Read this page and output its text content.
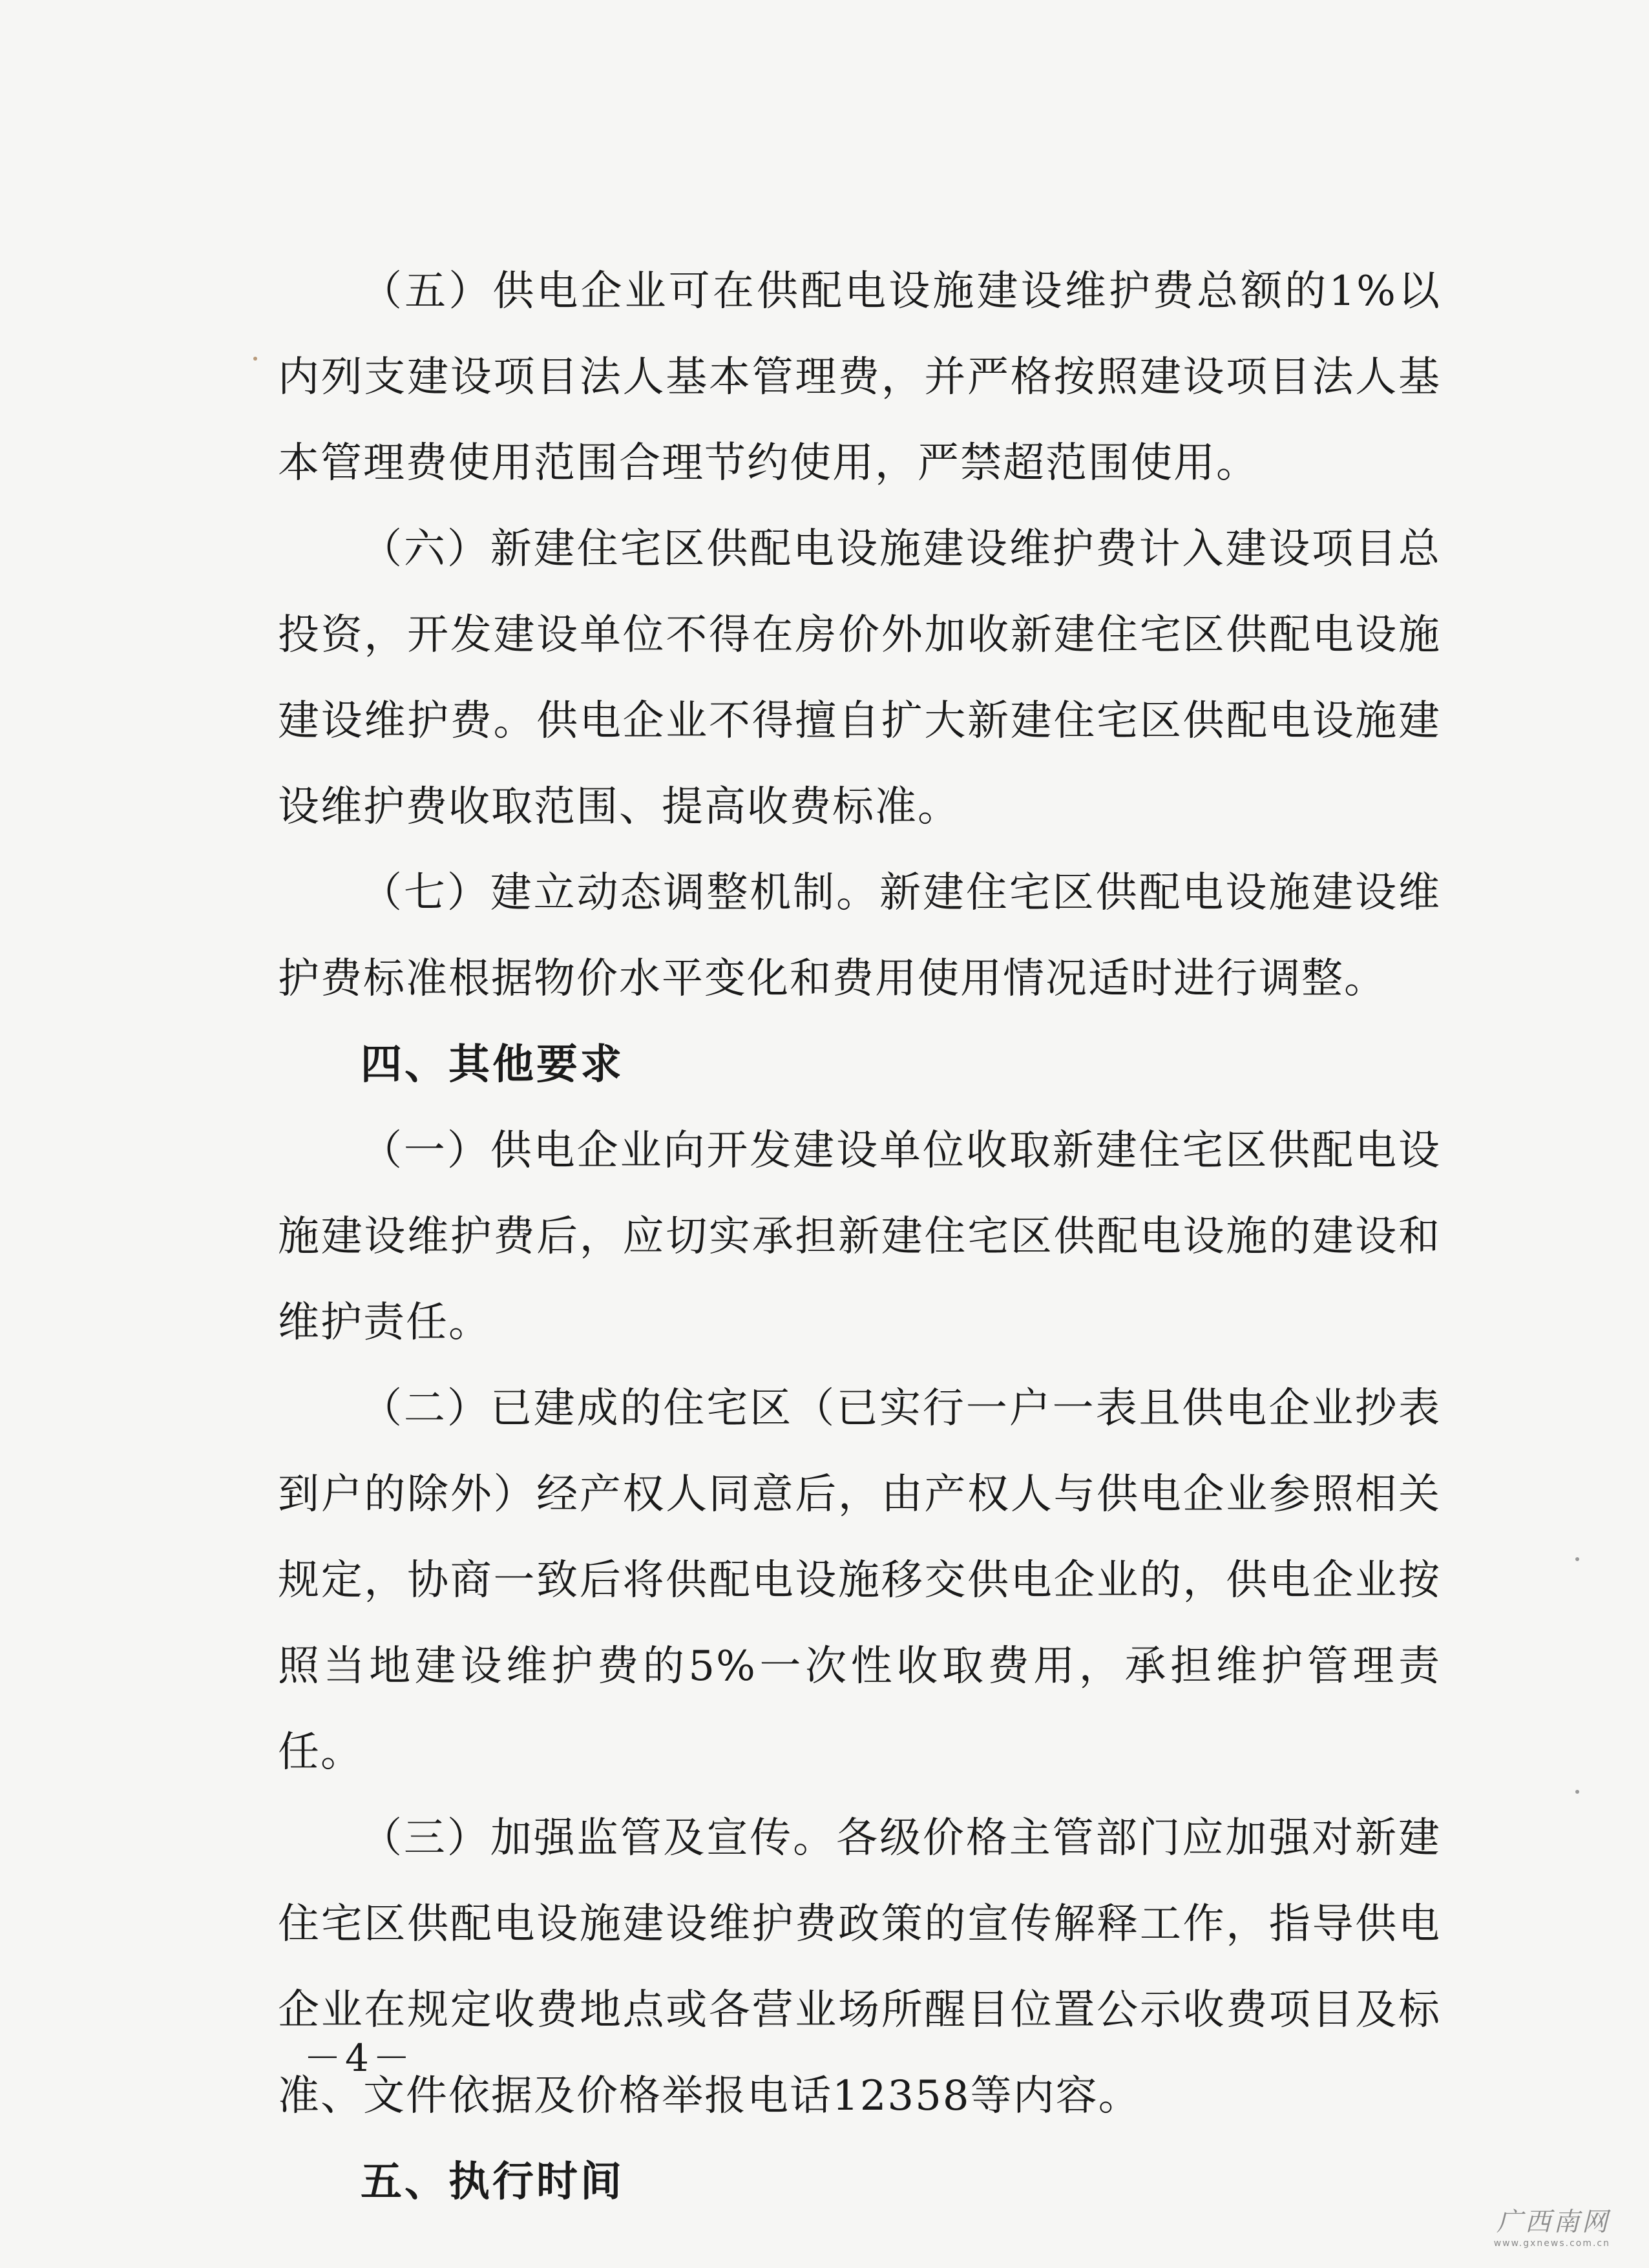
（五）供电企业可在供配电设施建设维护费总额的1%以内列支建设项目法人基本管理费，并严格按照建设项目法人基本管理费使用范围合理节约使用，严禁超范围使用。

（六）新建住宅区供配电设施建设维护费计入建设项目总投资，开发建设单位不得在房价外加收新建住宅区供配电设施建设维护费。供电企业不得擅自扩大新建住宅区供配电设施建设维护费收取范围、提高收费标准。

（七）建立动态调整机制。新建住宅区供配电设施建设维护费标准根据物价水平变化和费用使用情况适时进行调整。

四、其他要求

（一）供电企业向开发建设单位收取新建住宅区供配电设施建设维护费后，应切实承担新建住宅区供配电设施的建设和维护责任。

（二）已建成的住宅区（已实行一户一表且供电企业抄表到户的除外）经产权人同意后，由产权人与供电企业参照相关规定，协商一致后将供配电设施移交供电企业的，供电企业按照当地建设维护费的5%一次性收取费用，承担维护管理责任。

（三）加强监管及宣传。各级价格主管部门应加强对新建住宅区供配电设施建设维护费政策的宣传解释工作，指导供电企业在规定收费地点或各营业场所醒目位置公示收费项目及标准、文件依据及价格举报电话12358等内容。

五、执行时间

－4－
广西南网
www.gxnews.com.cn
